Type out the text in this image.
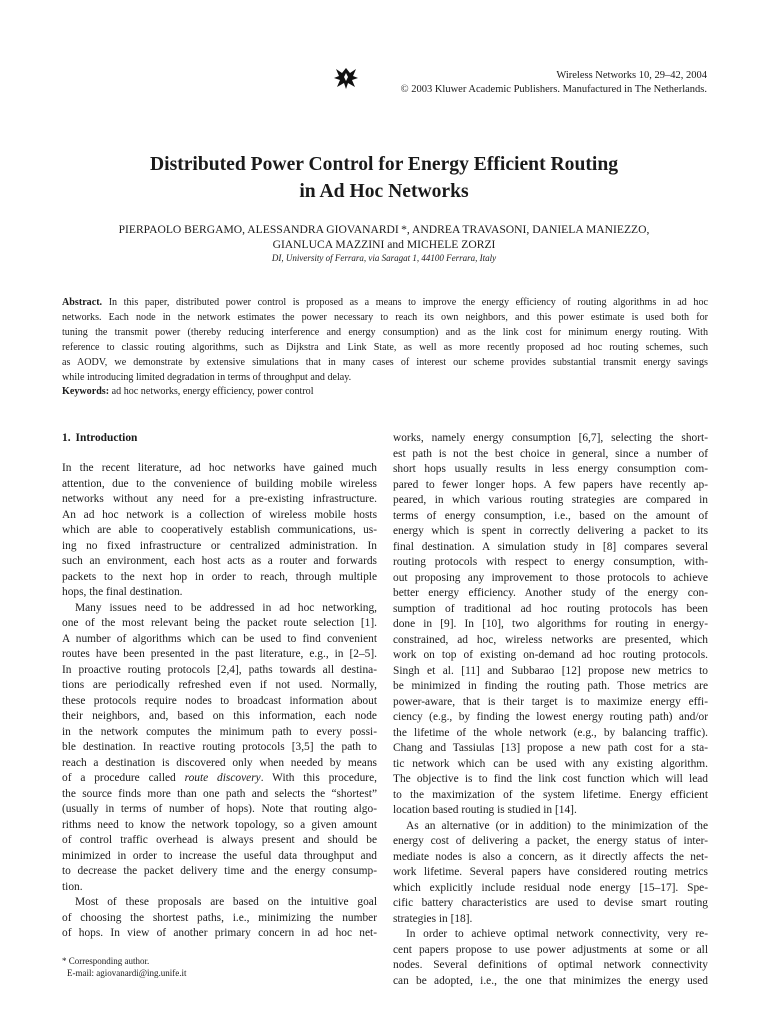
Wireless Networks 10, 29–42, 2004
© 2003 Kluwer Academic Publishers. Manufactured in The Netherlands.
Distributed Power Control for Energy Efficient Routing
in Ad Hoc Networks
PIERPAOLO BERGAMO, ALESSANDRA GIOVANARDI *, ANDREA TRAVASONI, DANIELA MANIEZZO,
GIANLUCA MAZZINI and MICHELE ZORZI
DI, University of Ferrara, via Saragat 1, 44100 Ferrara, Italy
Abstract. In this paper, distributed power control is proposed as a means to improve the energy efficiency of routing algorithms in ad hoc
networks. Each node in the network estimates the power necessary to reach its own neighbors, and this power estimate is used both for
tuning the transmit power (thereby reducing interference and energy consumption) and as the link cost for minimum energy routing. With
reference to classic routing algorithms, such as Dijkstra and Link State, as well as more recently proposed ad hoc routing schemes, such
as AODV, we demonstrate by extensive simulations that in many cases of interest our scheme provides substantial transmit energy savings
while introducing limited degradation in terms of throughput and delay.
Keywords: ad hoc networks, energy efficiency, power control
1. Introduction
In the recent literature, ad hoc networks have gained much
attention, due to the convenience of building mobile wireless
networks without any need for a pre-existing infrastructure.
An ad hoc network is a collection of wireless mobile hosts
which are able to cooperatively establish communications, us-
ing no fixed infrastructure or centralized administration. In
such an environment, each host acts as a router and forwards
packets to the next hop in order to reach, through multiple
hops, the final destination.
Many issues need to be addressed in ad hoc networking,
one of the most relevant being the packet route selection [1].
A number of algorithms which can be used to find convenient
routes have been presented in the past literature, e.g., in [2–5].
In proactive routing protocols [2,4], paths towards all destina-
tions are periodically refreshed even if not used. Normally,
these protocols require nodes to broadcast information about
their neighbors, and, based on this information, each node
in the network computes the minimum path to every possi-
ble destination. In reactive routing protocols [3,5] the path to
reach a destination is discovered only when needed by means
of a procedure called route discovery. With this procedure,
the source finds more than one path and selects the “shortest”
(usually in terms of number of hops). Note that routing algo-
rithms need to know the network topology, so a given amount
of control traffic overhead is always present and should be
minimized in order to increase the useful data throughput and
to decrease the packet delivery time and the energy consump-
tion.
Most of these proposals are based on the intuitive goal
of choosing the shortest paths, i.e., minimizing the number
of hops. In view of another primary concern in ad hoc net-
works, namely energy consumption [6,7], selecting the short-
est path is not the best choice in general, since a number of
short hops usually results in less energy consumption com-
pared to fewer longer hops. A few papers have recently ap-
peared, in which various routing strategies are compared in
terms of energy consumption, i.e., based on the amount of
energy which is spent in correctly delivering a packet to its
final destination. A simulation study in [8] compares several
routing protocols with respect to energy consumption, with-
out proposing any improvement to those protocols to achieve
better energy efficiency. Another study of the energy con-
sumption of traditional ad hoc routing protocols has been
done in [9]. In [10], two algorithms for routing in energy-
constrained, ad hoc, wireless networks are presented, which
work on top of existing on-demand ad hoc routing protocols.
Singh et al. [11] and Subbarao [12] propose new metrics to
be minimized in finding the routing path. Those metrics are
power-aware, that is their target is to maximize energy effi-
ciency (e.g., by finding the lowest energy routing path) and/or
the lifetime of the whole network (e.g., by balancing traffic).
Chang and Tassiulas [13] propose a new path cost for a sta-
tic network which can be used with any existing algorithm.
The objective is to find the link cost function which will lead
to the maximization of the system lifetime. Energy efficient
location based routing is studied in [14].
As an alternative (or in addition) to the minimization of the
energy cost of delivering a packet, the energy status of inter-
mediate nodes is also a concern, as it directly affects the net-
work lifetime. Several papers have considered routing metrics
which explicitly include residual node energy [15–17]. Spe-
cific battery characteristics are used to devise smart routing
strategies in [18].
In order to achieve optimal network connectivity, very re-
cent papers propose to use power adjustments at some or all
nodes. Several definitions of optimal network connectivity
can be adopted, i.e., the one that minimizes the energy used
* Corresponding author.
E-mail: agiovanardi@ing.unife.it
